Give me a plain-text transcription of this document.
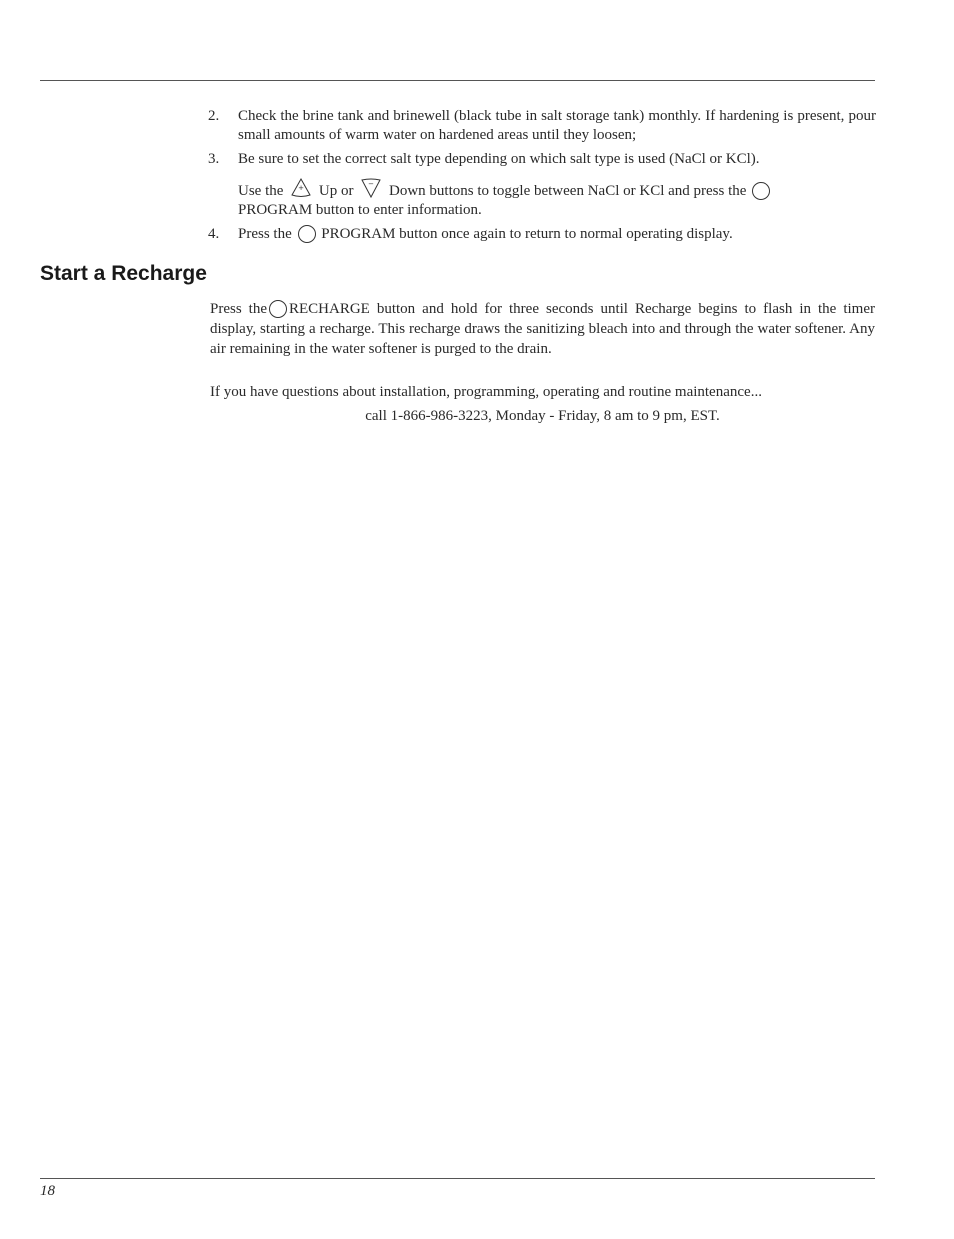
2. Check the brine tank and brinewell (black tube in salt storage tank) monthly. If hardening is present, pour small amounts of warm water on hardened areas until they loosen;
3. Be sure to set the correct salt type depending on which salt type is used (NaCl or KCl).
Use the + Up or − Down buttons to toggle between NaCl or KCl and press the
PROGRAM button to enter information.
4. Press the PROGRAM button once again to return to normal operating display.
Start a Recharge
Press the RECHARGE button and hold for three seconds until Recharge begins to flash in the timer display, starting a recharge. This recharge draws the sanitizing bleach into and through the water softener. Any air remaining in the water softener is purged to the drain.
If you have questions about installation, programming, operating and routine maintenance...
call 1-866-986-3223, Monday - Friday, 8 am to 9 pm, EST.
18
